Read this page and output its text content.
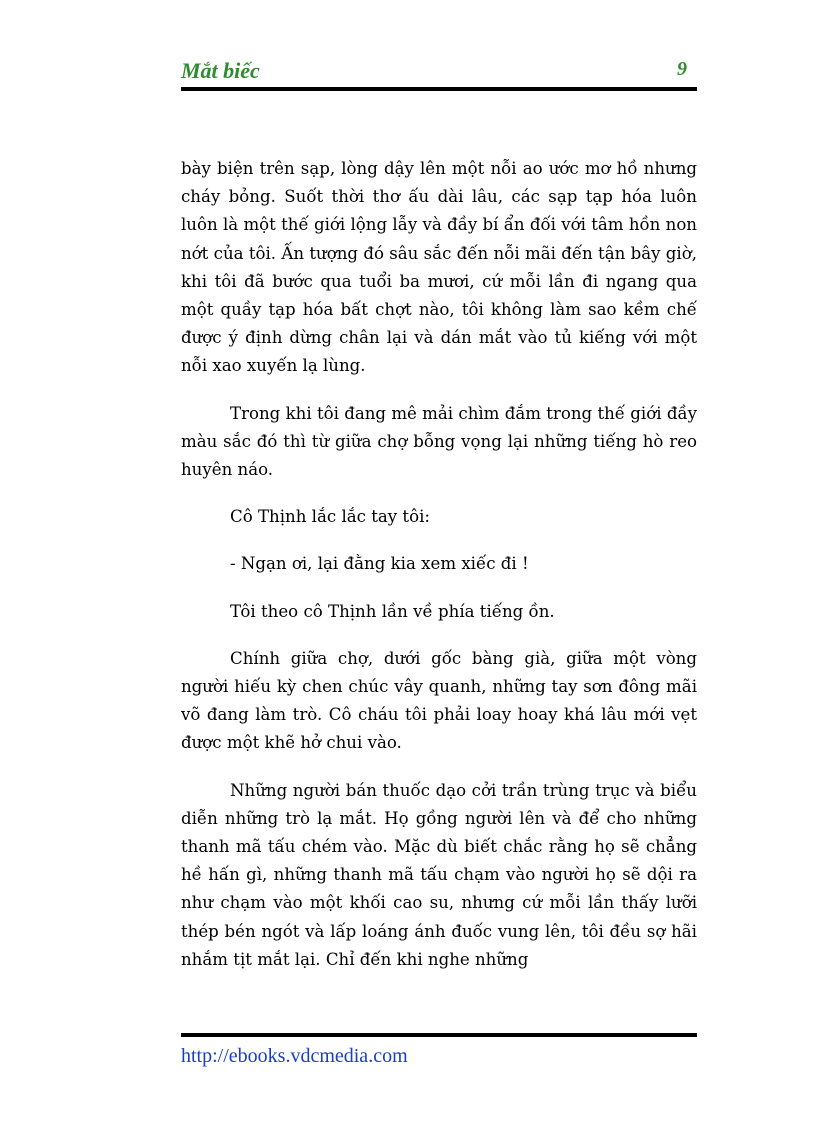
Mắt biếc	9

bày biện trên sạp, lòng dậy lên một nỗi ao ước mơ hồ nhưng cháy bỏng. Suốt thời thơ ấu dài lâu, các sạp tạp hóa luôn luôn là một thế giới lộng lẫy và đầy bí ẩn đối với tâm hồn non nớt của tôi. Ấn tượng đó sâu sắc đến nỗi mãi đến tận bây giờ, khi tôi đã bước qua tuổi ba mươi, cứ mỗi lần đi ngang qua một quầy tạp hóa bất chợt nào, tôi không làm sao kềm chế được ý định dừng chân lại và dán mắt vào tủ kiếng với một nỗi xao xuyến lạ lùng.

Trong khi tôi đang mê mải chìm đắm trong thế giới đầy màu sắc đó thì từ giữa chợ bỗng vọng lại những tiếng hò reo huyên náo.

Cô Thịnh lắc lắc tay tôi:

- Ngạn ơi, lại đằng kia xem xiếc đi !

Tôi theo cô Thịnh lần về phía tiếng ồn.

Chính giữa chợ, dưới gốc bàng già, giữa một vòng người hiếu kỳ chen chúc vây quanh, những tay sơn đông mãi võ đang làm trò. Cô cháu tôi phải loay hoay khá lâu mới vẹt được một khẽ hở chui vào.

Những người bán thuốc dạo cởi trần trùng trục và biểu diễn những trò lạ mắt. Họ gồng người lên và để cho những thanh mã tấu chém vào. Mặc dù biết chắc rằng họ sẽ chẳng hề hấn gì, những thanh mã tấu chạm vào người họ sẽ dội ra như chạm vào một khối cao su, nhưng cứ mỗi lần thấy lưỡi thép bén ngót và lấp loáng ánh đuốc vung lên, tôi đều sợ hãi nhắm tịt mắt lại. Chỉ đến khi nghe những

http://ebooks.vdcmedia.com
